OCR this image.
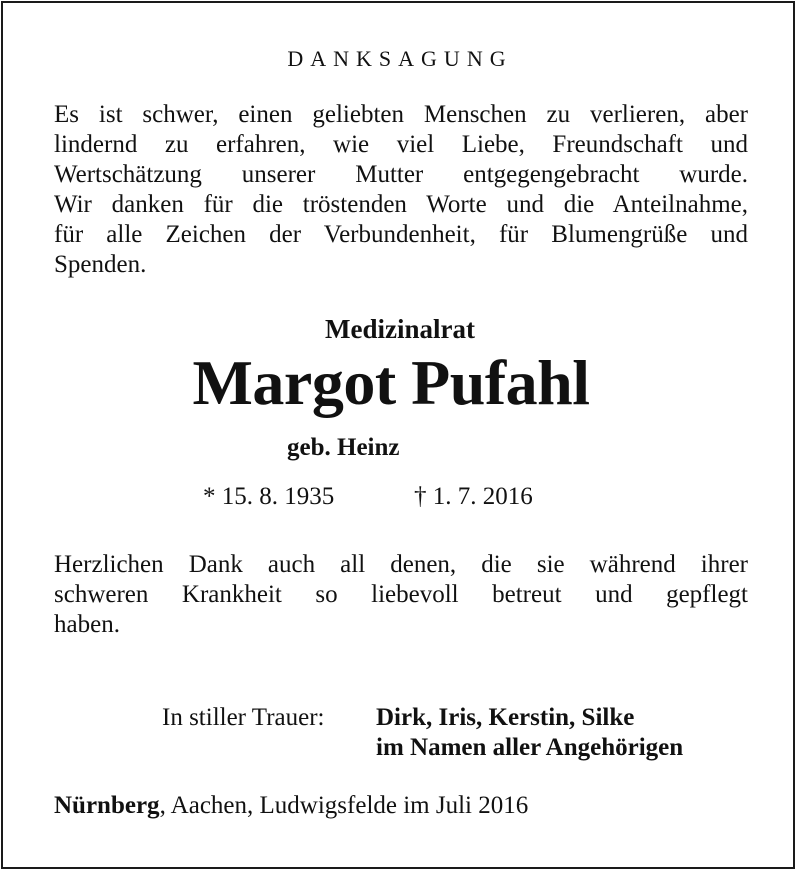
DANKSAGUNG

Es ist schwer, einen geliebten Menschen zu verlieren, aber
lindernd zu erfahren, wie viel Liebe, Freundschaft und
Wertschätzung unserer Mutter entgegengebracht wurde.
Wir danken für die tröstenden Worte und die Anteilnahme,
für alle Zeichen der Verbundenheit, für Blumengrüße und
Spenden.

Medizinalrat
Margot Pufahl
geb. Heinz
* 15. 8. 1935	† 1. 7. 2016

Herzlichen Dank auch all denen, die sie während ihrer
schweren Krankheit so liebevoll betreut und gepflegt
haben.

In stiller Trauer: Dirk, Iris, Kerstin, Silke
im Namen aller Angehörigen
Nürnberg, Aachen, Ludwigsfelde im Juli 2016
